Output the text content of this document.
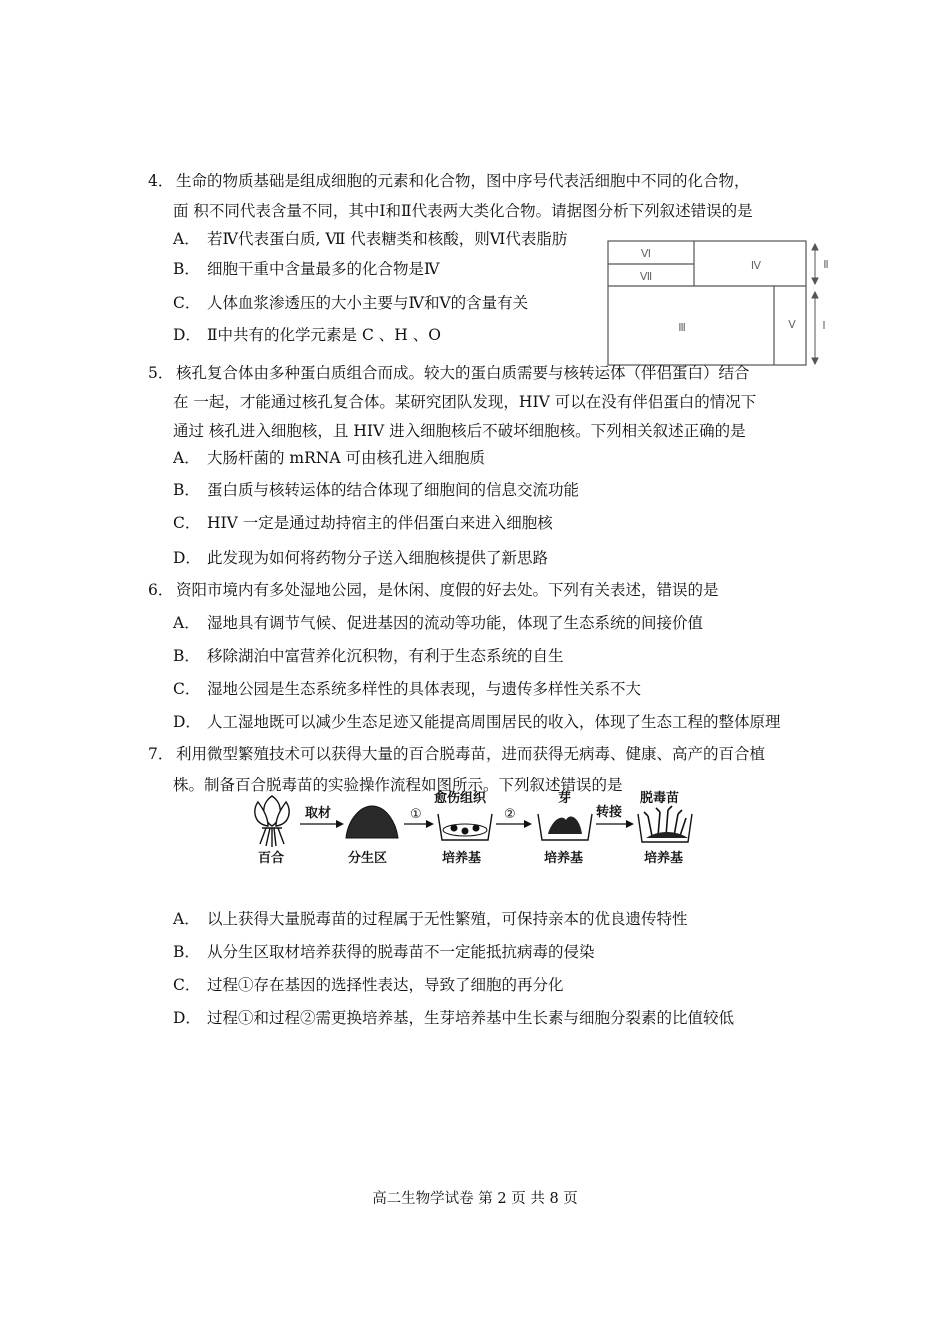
4． 生命的物质基础是组成细胞的元素和化合物，图中序号代表活细胞中不同的化合物，
面 积不同代表含量不同，其中Ⅰ和Ⅱ代表两大类化合物。请据图分析下列叙述错误的是
A． 若Ⅳ代表蛋白质, Ⅶ 代表糖类和核酸，则Ⅵ代表脂肪
B． 细胞干重中含量最多的化合物是Ⅳ
C． 人体血浆渗透压的大小主要与Ⅳ和Ⅴ的含量有关
D． Ⅱ中共有的化学元素是 C 、H 、O
Ⅵ
Ⅶ
Ⅳ
Ⅲ	Ⅴ
Ⅱ
Ⅰ
5． 核孔复合体由多种蛋白质组合而成。较大的蛋白质需要与核转运体（伴侣蛋白）结合
在 一起，才能通过核孔复合体。某研究团队发现，HIV 可以在没有伴侣蛋白的情况下
通过 核孔进入细胞核，且 HIV 进入细胞核后不破坏细胞核。下列相关叙述正确的是
A． 大肠杆菌的 mRNA 可由核孔进入细胞质
B． 蛋白质与核转运体的结合体现了细胞间的信息交流功能
C． HIV 一定是通过劫持宿主的伴侣蛋白来进入细胞核
D． 此发现为如何将药物分子送入细胞核提供了新思路
6． 资阳市境内有多处湿地公园，是休闲、度假的好去处。下列有关表述，错误的是
A． 湿地具有调节气候、促进基因的流动等功能，体现了生态系统的间接价值
B． 移除湖泊中富营养化沉积物，有利于生态系统的自生
C． 湿地公园是生态系统多样性的具体表现，与遗传多样性关系不大
D． 人工湿地既可以减少生态足迹又能提高周围居民的收入，体现了生态工程的整体原理
7． 利用微型繁殖技术可以获得大量的百合脱毒苗，进而获得无病毒、健康、高产的百合植
株。制备百合脱毒苗的实验操作流程如图所示。下列叙述错误的是
百合
取材
分生区
①
愈伤组织
培养基
②
芽
培养基
转接
脱毒苗
培养基
A． 以上获得大量脱毒苗的过程属于无性繁殖，可保持亲本的优良遗传特性
B． 从分生区取材培养获得的脱毒苗不一定能抵抗病毒的侵染
C． 过程①存在基因的选择性表达，导致了细胞的再分化
D． 过程①和过程②需更换培养基，生芽培养基中生长素与细胞分裂素的比值较低
高二生物学试卷 第 2 页 共 8 页
